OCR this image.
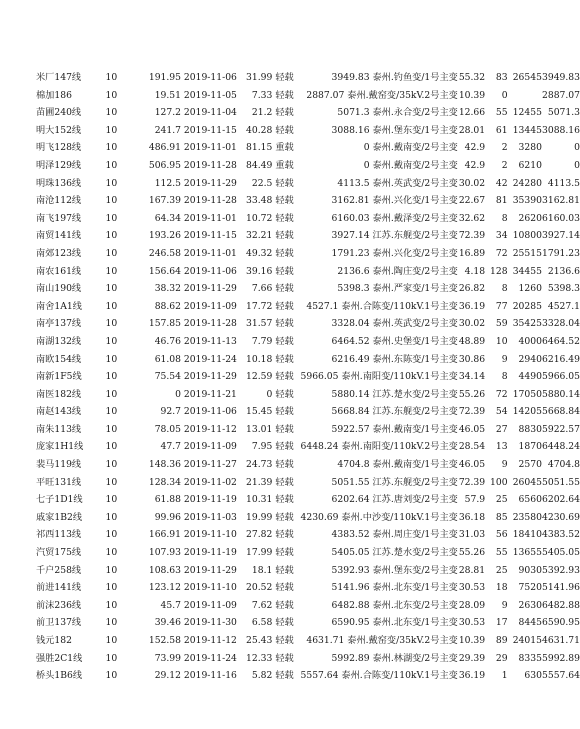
米厂147线	10	191.95 2019-11-06	31.99	轻载	3949.83 泰州.钓鱼变/1号主变	55.32	83	26545	3949.83
棉加186	10	19.51 2019-11-05	7.33	轻载	2887.07 泰州.戴窑变/35kV.2号主变	10.39	0		2887.07
苗圃240线	10	127.2 2019-11-04	21.2	轻载	5071.3 泰州.永合变/2号主变	12.66	55	12455	5071.3
明大152线	10	241.7 2019-11-15	40.28	轻载	3088.16 泰州.堡东变/1号主变	28.01	61	13445	3088.16
明飞128线	10	486.91 2019-11-01	81.15	重载	0 泰州.戴南变/2号主变	42.9	2	3280	0
明泽129线	10	506.95 2019-11-28	84.49	重载	0 泰州.戴南变/2号主变	42.9	2	6210	0
明珠136线	10	112.5 2019-11-29	22.5	轻载	4113.5 泰州.英武变/2号主变	30.02	42	24280	4113.5
南沧112线	10	167.39 2019-11-28	33.48	轻载	3162.81 泰州.兴化变/1号主变	22.67	81	35390	3162.81
南飞197线	10	64.34 2019-11-01	10.72	轻载	6160.03 泰州.戴泽变/2号主变	32.62	8	2620	6160.03
南贸141线	10	193.26 2019-11-15	32.21	轻载	3927.14 江苏.东舰变/2号主变	72.39	34	10800	3927.14
南郊123线	10	246.58 2019-11-01	49.32	轻载	1791.23 泰州.兴化变/2号主变	16.89	72	25515	1791.23
南农161线	10	156.64 2019-11-06	39.16	轻载	2136.6 泰州.陶庄变/2号主变	4.18	128	34455	2136.6
南山190线	10	38.32 2019-11-29	7.66	轻载	5398.3 泰州.严家变/1号主变	26.82	8	1260	5398.3
南舍1A1线	10	88.62 2019-11-09	17.72	轻载	4527.1 泰州.合陈变/110kV.1号主变	36.19	77	20285	4527.1
南亭137线	10	157.85 2019-11-28	31.57	轻载	3328.04 泰州.英武变/2号主变	30.02	59	35425	3328.04
南湖132线	10	46.76 2019-11-13	7.79	轻载	6464.52 泰州.史堡变/1号主变	48.89	10	4000	6464.52
南欧154线	10	61.08 2019-11-24	10.18	轻载	6216.49 泰州.东陈变/1号主变	30.86	9	2940	6216.49
南新1F5线	10	75.54 2019-11-29	12.59	轻载	5966.05 泰州.南阳变/110kV.1号主变	34.14	8	4490	5966.05
南医182线	10	0 2019-11-21	0	轻载	5880.14 江苏.楚水变/2号主变	55.26	72	17050	5880.14
南赵143线	10	92.7 2019-11-06	15.45	轻载	5668.84 江苏.东舰变/2号主变	72.39	54	14205	5668.84
南朱113线	10	78.05 2019-11-12	13.01	轻载	5922.57 泰州.戴南变/1号主变	46.05	27	8830	5922.57
庞家1H1线	10	47.7 2019-11-09	7.95	轻载	6448.24 泰州.南阳变/110kV.2号主变	28.54	13	1870	6448.24
裴马119线	10	148.36 2019-11-27	24.73	轻载	4704.8 泰州.戴南变/1号主变	46.05	9	2570	4704.8
平旺131线	10	128.34 2019-11-02	21.39	轻载	5051.55 江苏.东舰变/2号主变	72.39	100	26045	5051.55
七子1D1线	10	61.88 2019-11-19	10.31	轻载	6202.64 江苏.唐刘变/2号主变	57.9	25	6560	6202.64
戚家1B2线	10	99.96 2019-11-03	19.99	轻载	4230.69 泰州.中沙变/110kV.1号主变	36.18	85	23580	4230.69
祁西113线	10	166.91 2019-11-10	27.82	轻载	4383.52 泰州.周庄变/1号主变	31.03	56	18410	4383.52
汽贸175线	10	107.93 2019-11-19	17.99	轻载	5405.05 江苏.楚水变/2号主变	55.26	55	13655	5405.05
千户258线	10	108.63 2019-11-29	18.1	轻载	5392.93 泰州.堡东变/2号主变	28.81	25	9030	5392.93
前进141线	10	123.12 2019-11-10	20.52	轻载	5141.96 泰州.北东变/1号主变	30.53	18	7520	5141.96
前沫236线	10	45.7 2019-11-09	7.62	轻载	6482.88 泰州.北东变/2号主变	28.09	9	2630	6482.88
前卫137线	10	39.46 2019-11-30	6.58	轻载	6590.95 泰州.北东变/1号主变	30.53	17	8445	6590.95
钱元182	10	152.58 2019-11-12	25.43	轻载	4631.71 泰州.戴窑变/35kV.2号主变	10.39	89	24015	4631.71
强胜2C1线	10	73.99 2019-11-24	12.33	轻载	5992.89 泰州.林湖变/2号主变	29.39	29	8335	5992.89
桥头1B6线	10	29.12 2019-11-16	5.82	轻载	5557.64 泰州.合陈变/110kV.1号主变	36.19	1	630	5557.64
